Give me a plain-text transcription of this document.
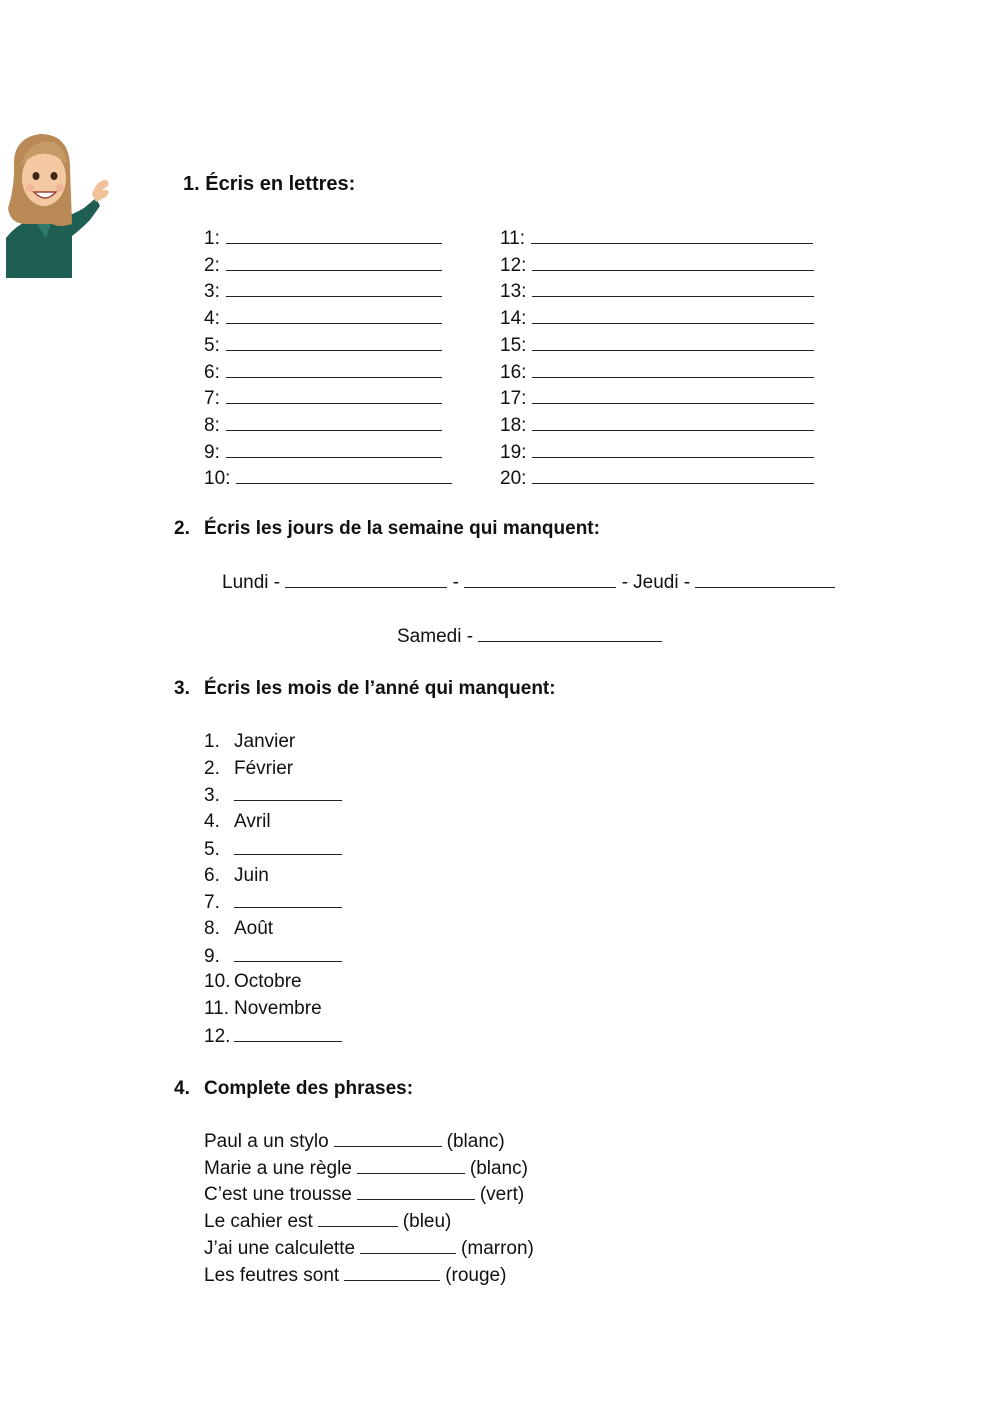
1. Écris en lettres:
1:
2:
3:
4:
5:
6:
7:
8:
9:
10:
11:
12:
13:
14:
15:
16:
17:
18:
19:
20:
2. Écris les jours de la semaine qui manquent:
Lundi -	-	- Jeudi -
Samedi -
3. Écris les mois de l’anné qui manquent:
1. Janvier
2. Février
3.
4. Avril
5.
6. Juin
7.
8. Août
9.
10. Octobre
11. Novembre
12.
4. Complete des phrases:
Paul a un stylo	(blanc)
Marie a une règle	(blanc)
C’est une trousse	(vert)
Le cahier est	(bleu)
J’ai une calculette	(marron)
Les feutres sont	(rouge)
